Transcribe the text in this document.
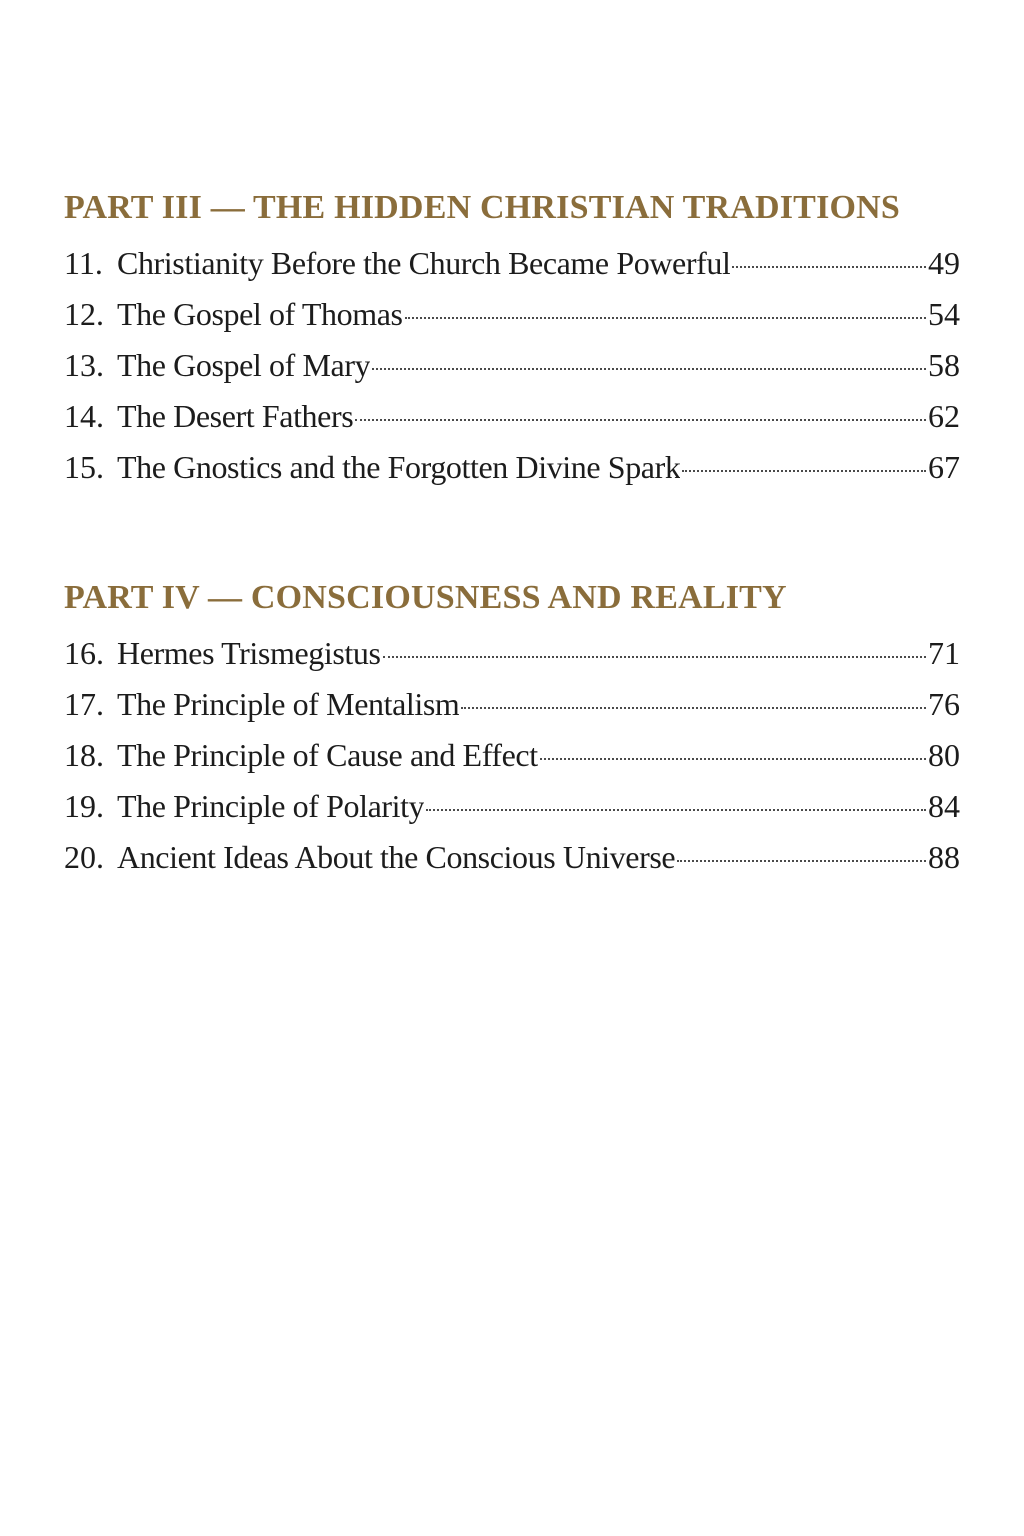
PART III — THE HIDDEN CHRISTIAN TRADITIONS
11. Christianity Before the Church Became Powerful	49
12. The Gospel of Thomas	54
13. The Gospel of Mary	58
14. The Desert Fathers	62
15. The Gnostics and the Forgotten Divine Spark	67
PART IV — CONSCIOUSNESS AND REALITY
16. Hermes Trismegistus	71
17. The Principle of Mentalism	76
18. The Principle of Cause and Effect	80
19. The Principle of Polarity	84
20. Ancient Ideas About the Conscious Universe	88
